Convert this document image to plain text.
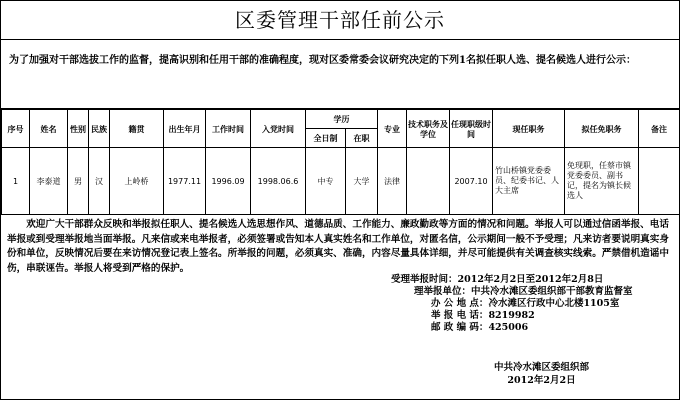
区委管理干部任前公示
为了加强对干部选拔工作的监督，提高识别和任用干部的准确程度，现对区委常委会议研究决定的下列1名拟任职人选、提名候选人进行公示：
序号	姓名	性别	民族	籍贯	出生年月	工作时间	入党时间	学历		专业	技术职务及学位	任现职级时间	现任职务	拟任免职务	备注
								全日制	在职						
1	李泰道	男	汉	上岭桥	1977.11	1996.09	1998.06.6	中专	大学	法律		2007.10	竹山桥镇党委委员、纪委书记、人大主席	免现职，任蔡市镇党委委员、副书记，提名为镇长候选人	
欢迎广大干部群众反映和举报拟任职人、提名候选人选思想作风、道德品质、工作能力、廉政勤政等方面的情况和问题。举报人可以通过信函举报、电话举报或到受理举报地当面举报。凡来信或来电举报者，必须签署或告知本人真实姓名和工作单位，对匿名信，公示期间一般不予受理；凡来访者要说明真实身份和单位，反映情况后要在来访情况登记表上签名。所举报的问题，必须真实、准确，内容尽量具体详细，并尽可能提供有关调查核实线索。严禁借机造谣中伤，串联诬告。举报人将受到严格的保护。
受理举报时间：2012年2月2日至2012年2月8日
理举报单位：中共冷水滩区委组织部干部教育监督室
办 公 地 点：冷水滩区行政中心北楼1105室
举 报 电 话：8219982
邮 政 编 码：425006
中共冷水滩区委组织部
2012年2月2日
